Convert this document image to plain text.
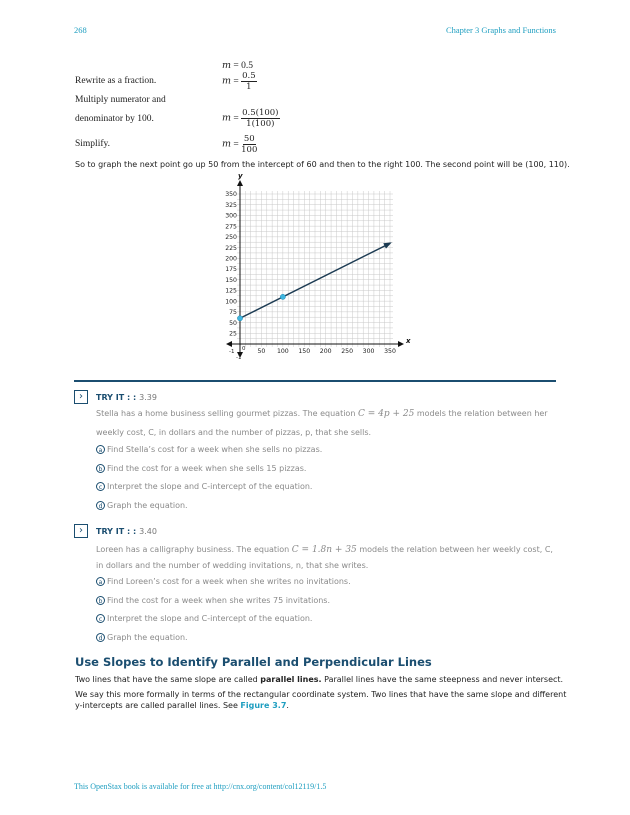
268	Chapter 3 Graphs and Functions
m = 0.5
Rewrite as a fraction.	$m = \frac{0.5}{1}$
Multiply numerator and
denominator by 100.	$m = \frac{0.5(100)}{1(100)}$
Simplify.	$m = \frac{50}{100}$
So to graph the next point go up 50 from the intercept of 60 and then to the right 100. The second point will be (100, 110).
x
y
50 100 150 200 250 300 350
25
50
75
100
125
150
175
200
225
250
275
300
325
350
0
-1
-1
›	TRY IT : : 3.39
Stella has a home business selling gourmet pizzas. The equation C = 4p + 25 models the relation between her
weekly cost, C, in dollars and the number of pizzas, p, that she sells.
a Find Stella’s cost for a week when she sells no pizzas.
b Find the cost for a week when she sells 15 pizzas.
c Interpret the slope and C-intercept of the equation.
d Graph the equation.
›	TRY IT : : 3.40
Loreen has a calligraphy business. The equation C = 1.8n + 35 models the relation between her weekly cost, C,
in dollars and the number of wedding invitations, n, that she writes.
a Find Loreen’s cost for a week when she writes no invitations.
b Find the cost for a week when she writes 75 invitations.
c Interpret the slope and C-intercept of the equation.
d Graph the equation.
Use Slopes to Identify Parallel and Perpendicular Lines
Two lines that have the same slope are called parallel lines. Parallel lines have the same steepness and never intersect.
We say this more formally in terms of the rectangular coordinate system. Two lines that have the same slope and different
y-intercepts are called parallel lines. See Figure 3.7.
This OpenStax book is available for free at http://cnx.org/content/col12119/1.5
